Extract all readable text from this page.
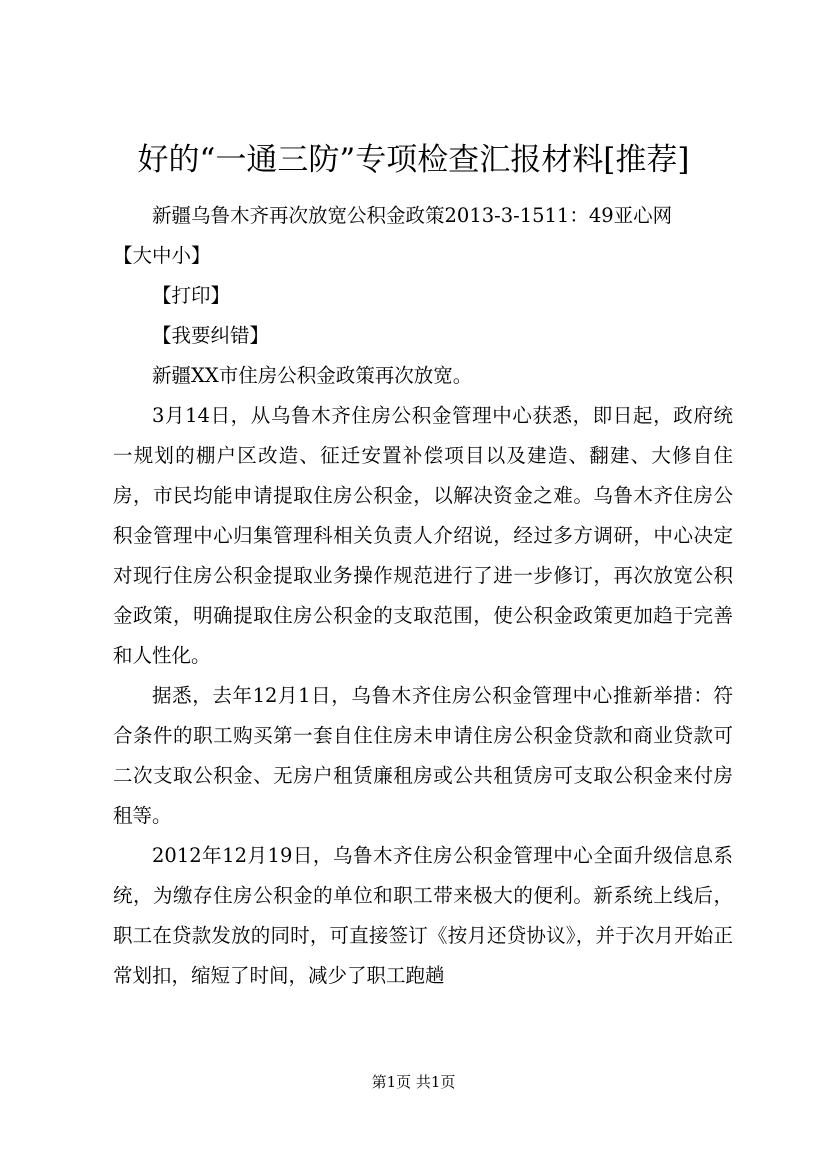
好的“一通三防”专项检查汇报材料[推荐]

新疆乌鲁木齐再次放宽公积金政策2013-3-1511：49亚心网

【大中小】

【打印】

【我要纠错】

新疆XX市住房公积金政策再次放宽。

3月14日，从乌鲁木齐住房公积金管理中心获悉，即日起，政府统一规划的棚户区改造、征迁安置补偿项目以及建造、翻建、大修自住房，市民均能申请提取住房公积金，以解决资金之难。乌鲁木齐住房公积金管理中心归集管理科相关负责人介绍说，经过多方调研，中心决定对现行住房公积金提取业务操作规范进行了进一步修订，再次放宽公积金政策，明确提取住房公积金的支取范围，使公积金政策更加趋于完善和人性化。

据悉，去年12月1日，乌鲁木齐住房公积金管理中心推新举措：符合条件的职工购买第一套自住住房未申请住房公积金贷款和商业贷款可二次支取公积金、无房户租赁廉租房或公共租赁房可支取公积金来付房租等。

2012年12月19日，乌鲁木齐住房公积金管理中心全面升级信息系统，为缴存住房公积金的单位和职工带来极大的便利。新系统上线后，职工在贷款发放的同时，可直接签订《按月还贷协议》，并于次月开始正常划扣，缩短了时间，减少了职工跑趟

第1页 共1页
